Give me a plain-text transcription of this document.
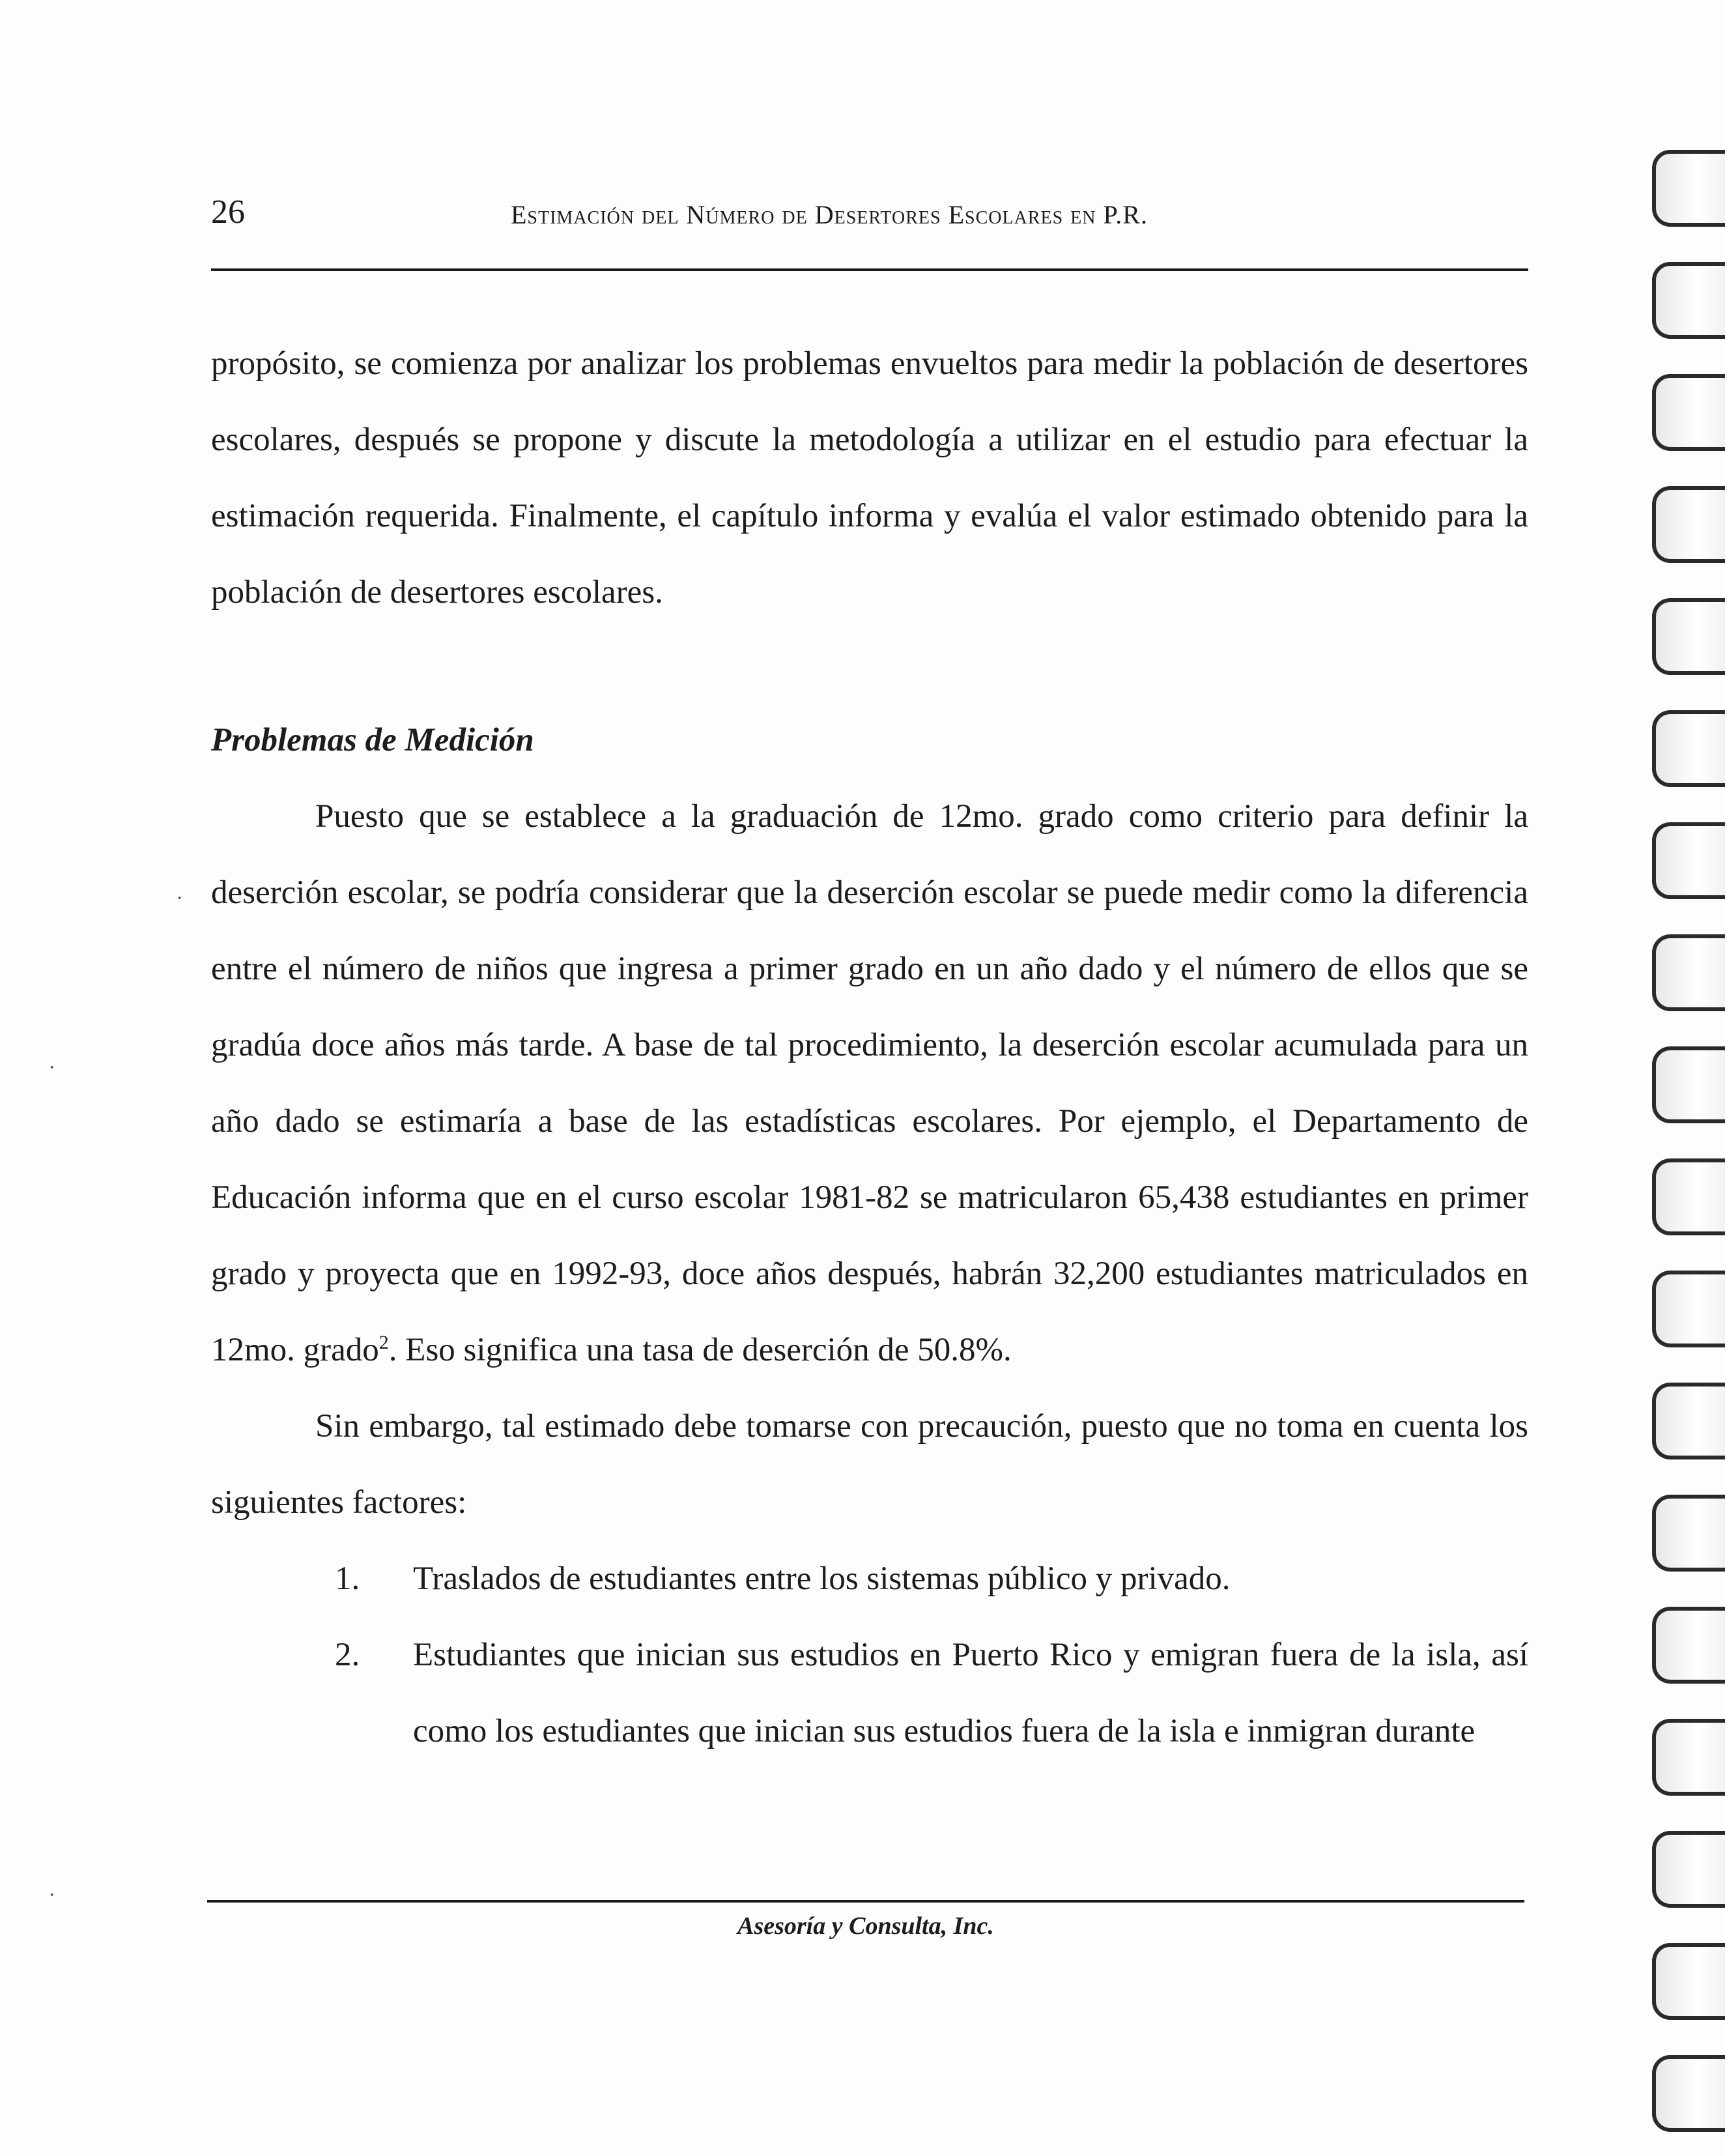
26	Estimación del Número de Desertores Escolares en P.R.

propósito, se comienza por analizar los problemas envueltos para medir la población de desertores escolares, después se propone y discute la metodología a utilizar en el estudio para efectuar la estimación requerida. Finalmente, el capítulo informa y evalúa el valor estimado obtenido para la población de desertores escolares.

Problemas de Medición

Puesto que se establece a la graduación de 12mo. grado como criterio para definir la deserción escolar, se podría considerar que la deserción escolar se puede medir como la diferencia entre el número de niños que ingresa a primer grado en un año dado y el número de ellos que se gradúa doce años más tarde. A base de tal procedimiento, la deserción escolar acumulada para un año dado se estimaría a base de las estadísticas escolares. Por ejemplo, el Departamento de Educación informa que en el curso escolar 1981-82 se matricularon 65,438 estudiantes en primer grado y proyecta que en 1992-93, doce años después, habrán 32,200 estudiantes matriculados en 12mo. grado$^2$. Eso significa una tasa de deserción de 50.8%.

Sin embargo, tal estimado debe tomarse con precaución, puesto que no toma en cuenta los siguientes factores:

1. Traslados de estudiantes entre los sistemas público y privado.
2. Estudiantes que inician sus estudios en Puerto Rico y emigran fuera de la isla, así como los estudiantes que inician sus estudios fuera de la isla e inmigran durante
Asesoría y Consulta, Inc.
·
·
·
